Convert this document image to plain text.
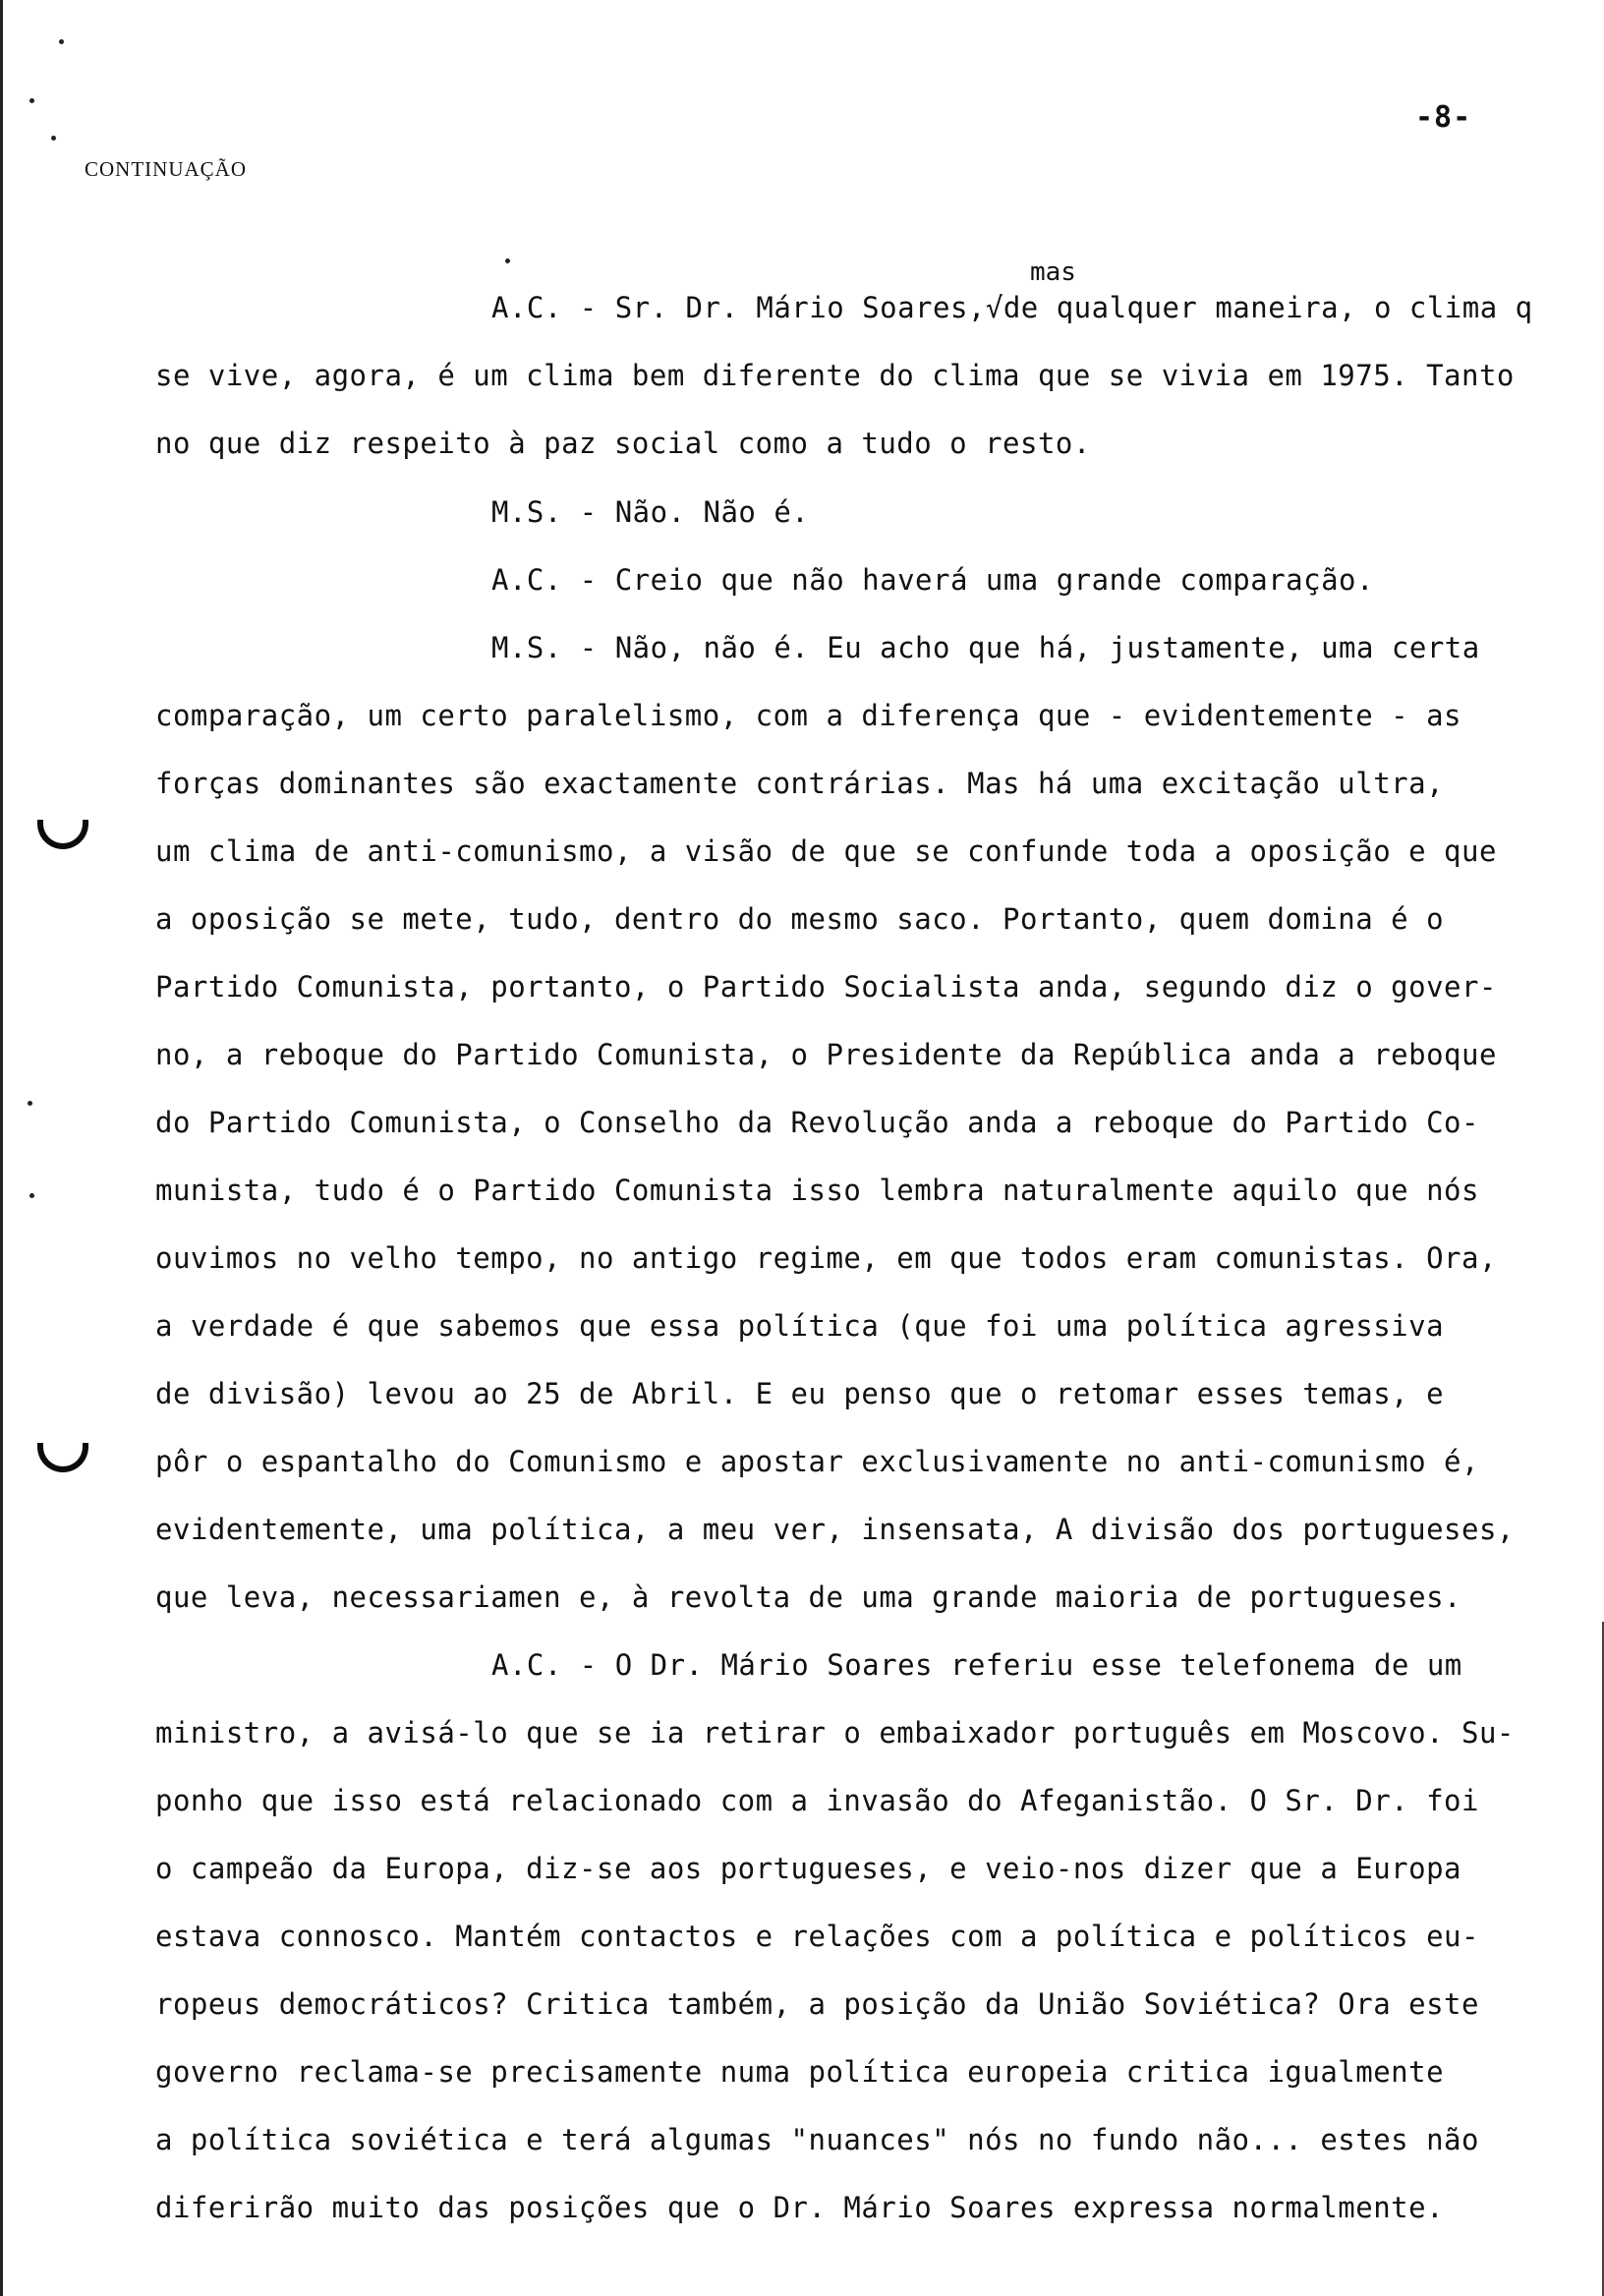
-8-
CONTINUAÇÃO
mas
A.C. - Sr. Dr. Mário Soares,√de qualquer maneira, o clima q
se vive, agora, é um clima bem diferente do clima que se vivia em 1975. Tanto
no que diz respeito à paz social como a tudo o resto.
M.S. - Não. Não é.
A.C. - Creio que não haverá uma grande comparação.
M.S. - Não, não é. Eu acho que há, justamente, uma certa
comparação, um certo paralelismo, com a diferença que - evidentemente - as
forças dominantes são exactamente contrárias. Mas há uma excitação ultra,
um clima de anti-comunismo, a visão de que se confunde toda a oposição e que
a oposição se mete, tudo, dentro do mesmo saco. Portanto, quem domina é o
Partido Comunista, portanto, o Partido Socialista anda, segundo diz o gover-
no, a reboque do Partido Comunista, o Presidente da República anda a reboque
do Partido Comunista, o Conselho da Revolução anda a reboque do Partido Co-
munista, tudo é o Partido Comunista isso lembra naturalmente aquilo que nós
ouvimos no velho tempo, no antigo regime, em que todos eram comunistas. Ora,
a verdade é que sabemos que essa política (que foi uma política agressiva
de divisão) levou ao 25 de Abril. E eu penso que o retomar esses temas, e
pôr o espantalho do Comunismo e apostar exclusivamente no anti-comunismo é,
evidentemente, uma política, a meu ver, insensata, A divisão dos portugueses,
que leva, necessariamen e, à revolta de uma grande maioria de portugueses.
A.C. - O Dr. Mário Soares referiu esse telefonema de um
ministro, a avisá-lo que se ia retirar o embaixador português em Moscovo. Su-
ponho que isso está relacionado com a invasão do Afeganistão. O Sr. Dr. foi
o campeão da Europa, diz-se aos portugueses, e veio-nos dizer que a Europa
estava connosco. Mantém contactos e relações com a política e políticos eu-
ropeus democráticos? Critica também, a posição da União Soviética? Ora este
governo reclama-se precisamente numa política europeia critica igualmente
a política soviética e terá algumas "nuances" nós no fundo não... estes não
diferirão muito das posições que o Dr. Mário Soares expressa normalmente.
